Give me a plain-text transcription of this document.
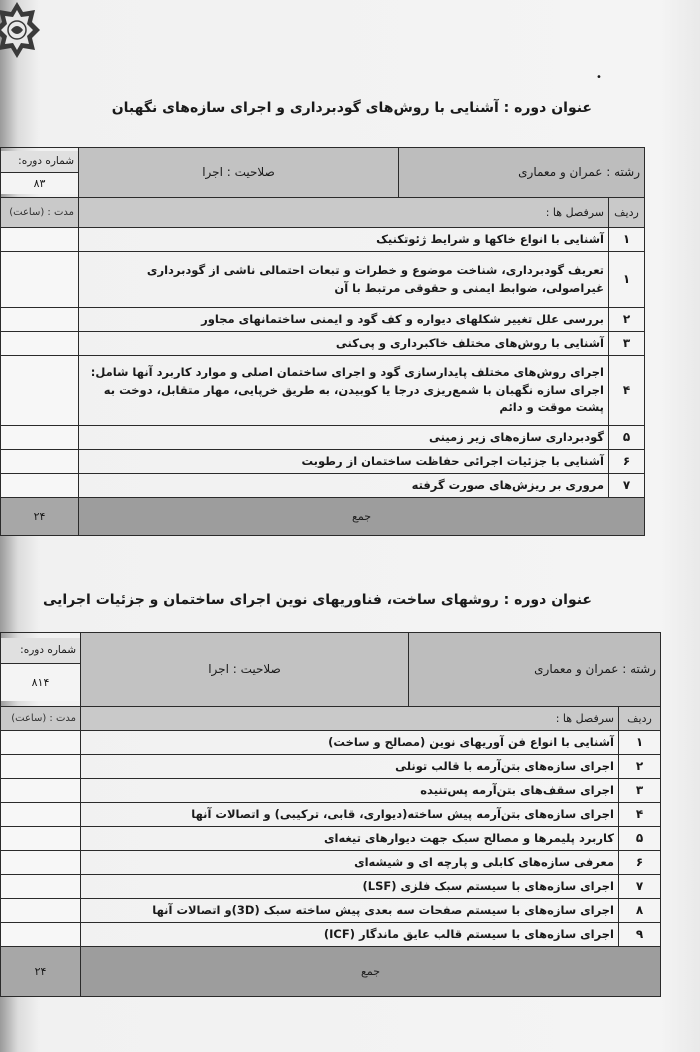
•
عنوان دوره : آشنایی با روش‌های گودبرداری و اجرای سازه‌های نگهبان
رشته : عمران و معماری		صلاحیت : اجرا	شماره دوره:
۸۳

ردیف	سرفصل ها :		مدت : (ساعت)
۱	آشنایی با انواع خاکها و شرایط ژئوتکنیک		
۱	تعریف گودبرداری، شناخت موضوع و خطرات و تبعات احتمالی ناشی از گودبرداری غیراصولی، ضوابط ایمنی و حقوقی مرتبط با آن		
۲	بررسی علل تغییر شکلهای دیواره و کف گود و ایمنی ساختمانهای مجاور		
۳	آشنایی با روش‌های مختلف خاکبرداری و پی‌کنی		
۴	اجرای روش‌های مختلف پایدارسازی گود و اجرای ساختمان اصلی و موارد کاربرد آنها شامل: اجرای سازه نگهبان با شمع‌ریزی درجا یا کوبیدن، به طریق خرپایی، مهار متقابل، دوخت به پشت موقت و دائم		
۵	گودبرداری سازه‌های زیر زمینی		
۶	آشنایی با جزئیات اجرائی حفاظت ساختمان از رطوبت		
۷	مروری بر ریزش‌های صورت گرفته		
جمع			۲۴
عنوان دوره : روشهای ساخت، فناوریهای نوین اجرای ساختمان و جزئیات اجرایی
رشته : عمران و معماری		صلاحیت : اجرا	شماره دوره:
۸۱۴

ردیف	سرفصل ها :		مدت : (ساعت)
۱	آشنایی با انواع فن آوریهای نوین (مصالح و ساخت)		
۲	اجرای سازه‌های بتن‌آرمه با قالب تونلی		
۳	اجرای سقف‌های بتن‌آرمه پس‌تنیده		
۴	اجرای سازه‌های بتن‌آرمه پیش ساخته(دیواری، قابی، ترکیبی) و اتصالات آنها		
۵	کاربرد پلیمرها و مصالح سبک جهت دیوارهای تیغه‌ای		
۶	معرفی سازه‌های کابلی و پارچه ای و شیشه‌ای		
۷	اجرای سازه‌های با سیستم سبک فلزی (LSF)		
۸	اجرای سازه‌های با سیستم صفحات سه بعدی پیش ساخته سبک (3D)و اتصالات آنها		
۹	اجرای سازه‌های با سیستم قالب عایق ماندگار (ICF)		
جمع			۲۴
